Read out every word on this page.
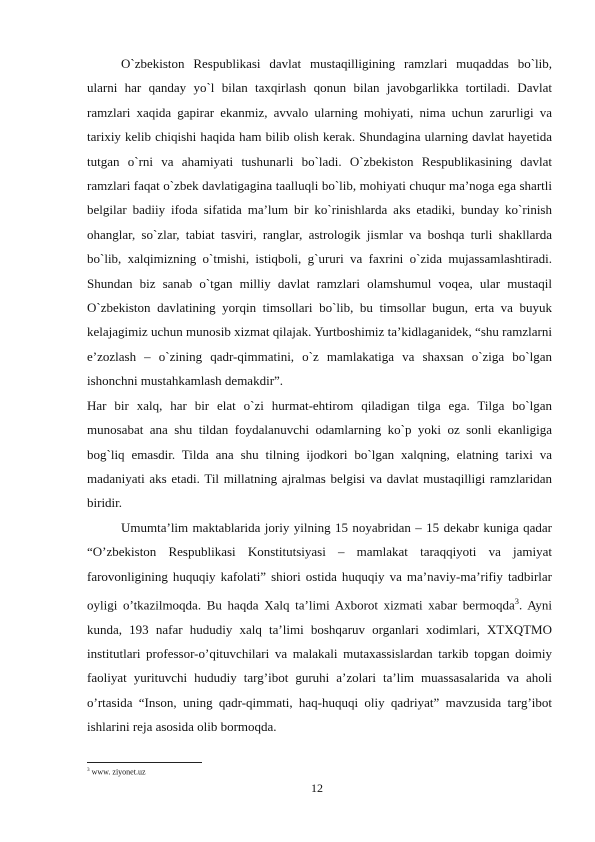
O`zbekiston Respublikasi davlat mustaqilligining ramzlari muqaddas bo`lib, ularni har qanday yo`l bilan taxqirlash qonun bilan javobgarlikka tortiladi. Davlat ramzlari xaqida gapirar ekanmiz, avvalo ularning mohiyati, nima uchun zarurligi va tarixiy kelib chiqishi haqida ham bilib olish kerak. Shundagina ularning davlat hayetida tutgan o`rni va ahamiyati tushunarli bo`ladi. O`zbekiston Respublikasining davlat ramzlari faqat o`zbek davlatigagina taalluqli bo`lib, mohiyati chuqur ma’noga ega shartli belgilar badiiy ifoda sifatida ma’lum bir ko`rinishlarda aks etadiki, bunday ko`rinish ohanglar, so`zlar, tabiat tasviri, ranglar, astrologik jismlar va boshqa turli shakllarda bo`lib, xalqimizning o`tmishi, istiqboli, g`ururi va faxrini o`zida mujassamlashtiradi. Shundan biz sanab o`tgan milliy davlat ramzlari olamshumul voqea, ular mustaqil O`zbekiston davlatining yorqin timsollari bo`lib, bu timsollar bugun, erta va buyuk kelajagimiz uchun munosib xizmat qilajak. Yurtboshimiz ta’kidlaganidek, “shu ramzlarni e’zozlash – o`zining qadr-qimmatini, o`z mamlakatiga va shaxsan o`ziga bo`lgan ishonchni mustahkamlash demakdir”.

Har bir xalq, har bir elat o`zi hurmat-ehtirom qiladigan tilga ega. Tilga bo`lgan munosabat ana shu tildan foydalanuvchi odamlarning ko`p yoki oz sonli ekanligiga bog`liq emasdir. Tilda ana shu tilning ijodkori bo`lgan xalqning, elatning tarixi va madaniyati aks etadi. Til millatning ajralmas belgisi va davlat mustaqilligi ramzlaridan biridir.

Umumta’lim maktablarida joriy yilning 15 noyabridan – 15 dekabr kuniga qadar “O’zbekiston Respublikasi Konstitutsiyasi – mamlakat taraqqiyoti va jamiyat farovonligining huquqiy kafolati” shiori ostida huquqiy va ma’naviy-ma’rifiy tadbirlar oyligi o’tkazilmoqda. Bu haqda Xalq ta’limi Axborot xizmati xabar bermoqda$^3$. Ayni kunda, 193 nafar hududiy xalq ta’limi boshqaruv organlari xodimlari, XTXQTMO institutlari professor-o’qituvchilari va malakali mutaxassislardan tarkib topgan doimiy faoliyat yurituvchi hududiy targ’ibot guruhi a’zolari ta’lim muassasalarida va aholi o’rtasida “Inson, uning qadr-qimmati, haq-huquqi oliy qadriyat” mavzusida targ’ibot ishlarini reja asosida olib bormoqda.

$^3$ www. ziyonet.uz
12
